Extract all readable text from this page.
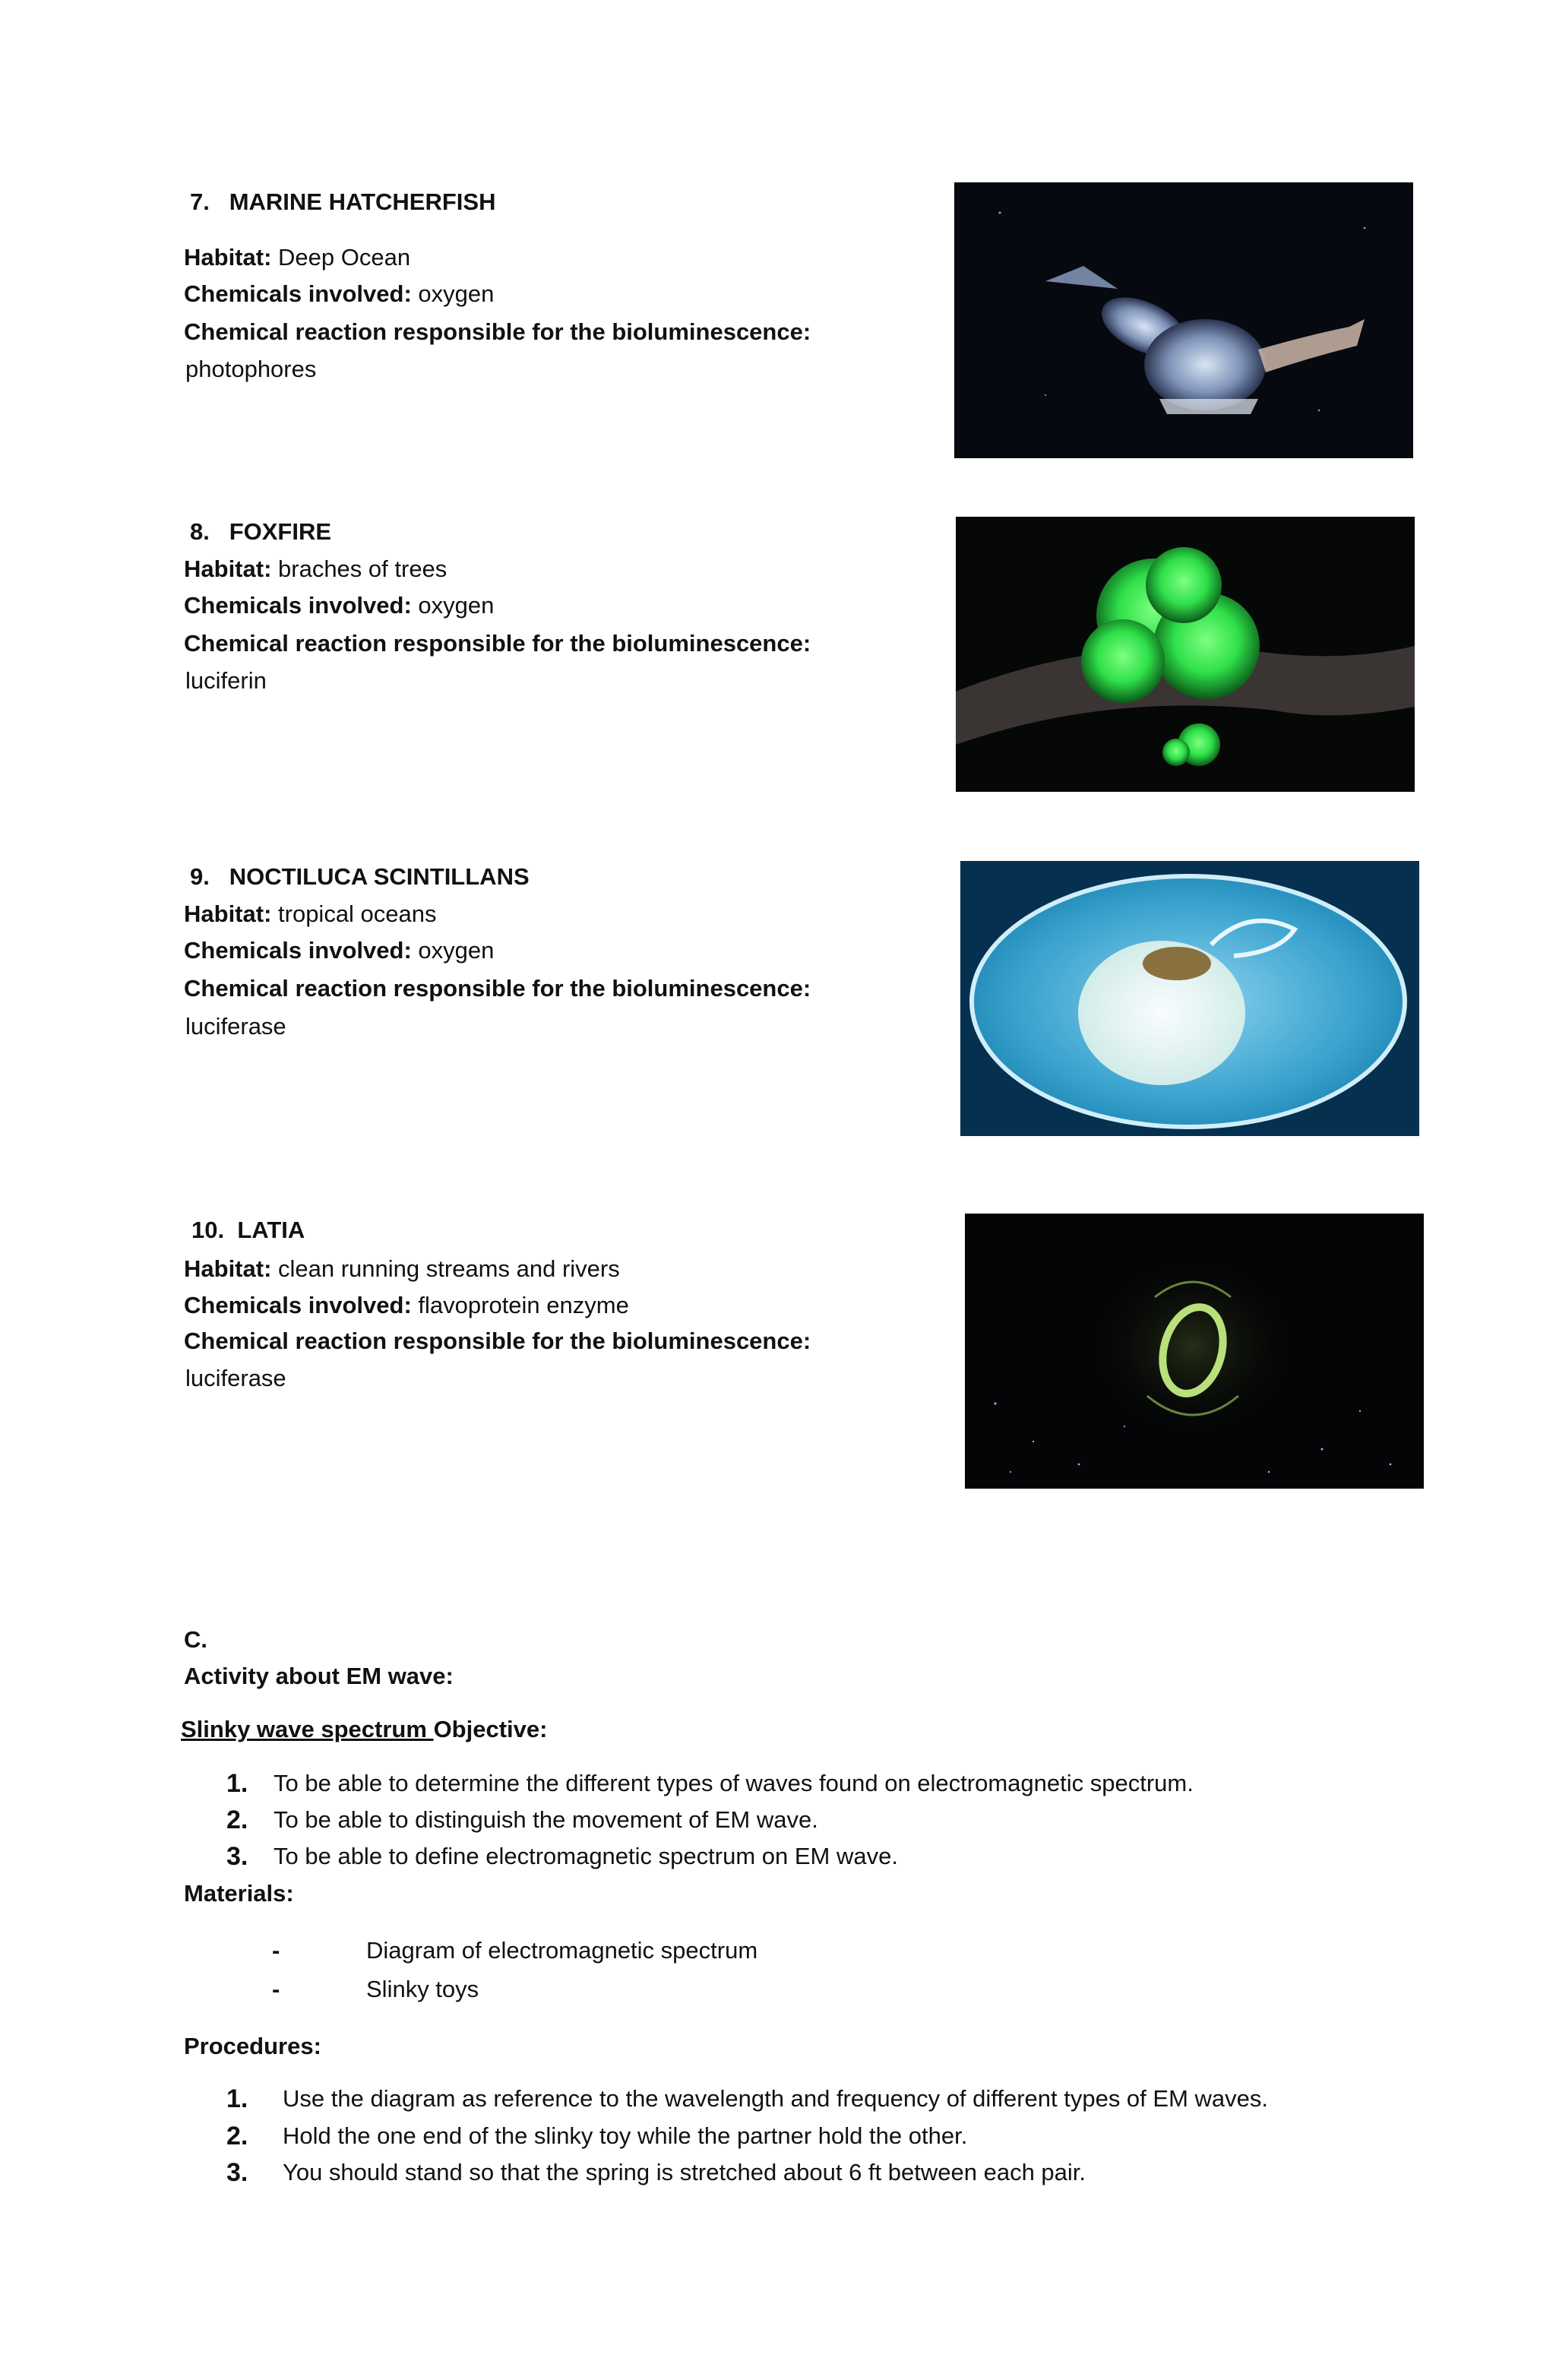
7. MARINE HATCHERFISH
Habitat: Deep Ocean
Chemicals involved: oxygen
Chemical reaction responsible for the bioluminescence:
photophores
8. FOXFIRE
Habitat: braches of trees
Chemicals involved: oxygen
Chemical reaction responsible for the bioluminescence:
luciferin
9. NOCTILUCA SCINTILLANS
Habitat: tropical oceans
Chemicals involved: oxygen
Chemical reaction responsible for the bioluminescence:
luciferase
10. LATIA
Habitat: clean running streams and rivers
Chemicals involved: flavoprotein enzyme
Chemical reaction responsible for the bioluminescence:
luciferase
C.
Activity about EM wave:
Slinky wave spectrum Objective:
1. To be able to determine the different types of waves found on electromagnetic spectrum.
2. To be able to distinguish the movement of EM wave.
3. To be able to define electromagnetic spectrum on EM wave.
Materials:
-	Diagram of electromagnetic spectrum
-	Slinky toys
Procedures:
1. Use the diagram as reference to the wavelength and frequency of different types of EM waves.
2. Hold the one end of the slinky toy while the partner hold the other.
3. You should stand so that the spring is stretched about 6 ft between each pair.
